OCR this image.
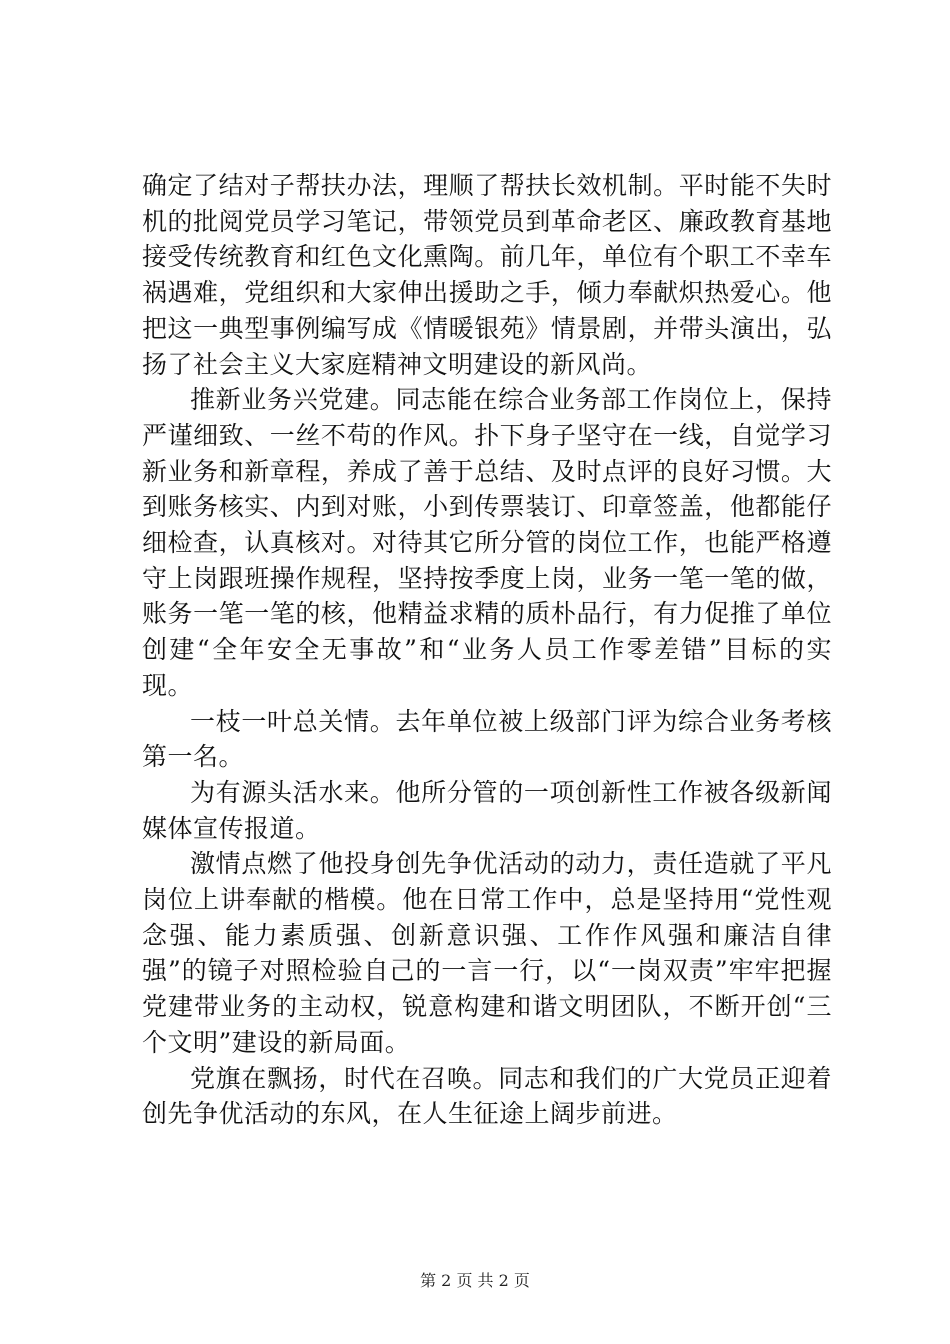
确定了结对子帮扶办法，理顺了帮扶长效机制。平时能不失时机的批阅党员学习笔记，带领党员到革命老区、廉政教育基地接受传统教育和红色文化熏陶。前几年，单位有个职工不幸车祸遇难，党组织和大家伸出援助之手，倾力奉献炽热爱心。他把这一典型事例编写成《情暖银苑》情景剧，并带头演出，弘扬了社会主义大家庭精神文明建设的新风尚。

推新业务兴党建。同志能在综合业务部工作岗位上，保持严谨细致、一丝不苟的作风。扑下身子坚守在一线，自觉学习新业务和新章程，养成了善于总结、及时点评的良好习惯。大到账务核实、内到对账，小到传票装订、印章签盖，他都能仔细检查，认真核对。对待其它所分管的岗位工作，也能严格遵守上岗跟班操作规程，坚持按季度上岗，业务一笔一笔的做，账务一笔一笔的核，他精益求精的质朴品行，有力促推了单位创建“全年安全无事故”和“业务人员工作零差错”目标的实现。

一枝一叶总关情。去年单位被上级部门评为综合业务考核第一名。

为有源头活水来。他所分管的一项创新性工作被各级新闻媒体宣传报道。

激情点燃了他投身创先争优活动的动力，责任造就了平凡岗位上讲奉献的楷模。他在日常工作中，总是坚持用“党性观念强、能力素质强、创新意识强、工作作风强和廉洁自律强”的镜子对照检验自己的一言一行，以“一岗双责”牢牢把握党建带业务的主动权，锐意构建和谐文明团队，不断开创“三个文明”建设的新局面。

党旗在飘扬，时代在召唤。同志和我们的广大党员正迎着创先争优活动的东风，在人生征途上阔步前进。

第 2 页 共 2 页
